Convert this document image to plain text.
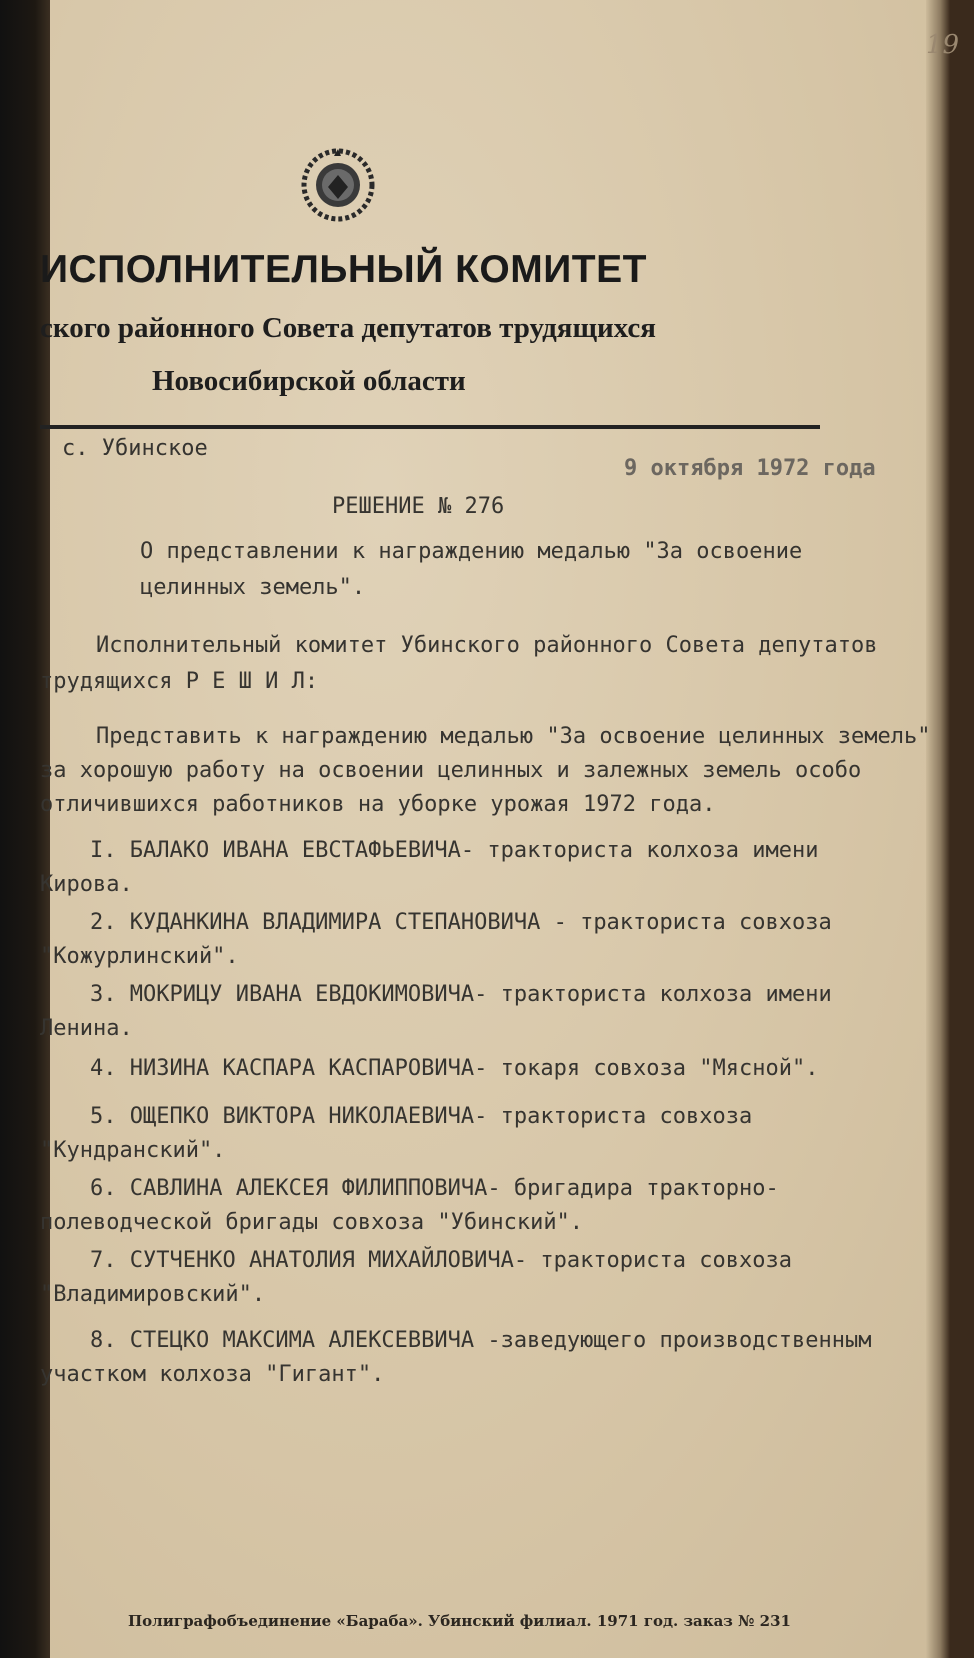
19
ИСПОЛНИТЕЛЬНЫЙ КОМИТЕТ
ского районного Совета депутатов трудящихся
Новосибирской области
с. Убинское
9 октября 1972 года
РЕШЕНИЕ № 276
О представлении к награждению медалью "За освоение целинных земель".
Исполнительный комитет Убинского районного Совета депутатов трудящихся Р Е Ш И Л:
Представить к награждению медалью "За освоение целинных земель" за хорошую работу на освоении целинных и залежных земель особо отличившихся работников на уборке урожая 1972 года.
I. БАЛАКО ИВАНА ЕВСТАФЬЕВИЧА- тракториста колхоза имени Кирова.
2. КУДАНКИНА ВЛАДИМИРА СТЕПАНОВИЧА - тракториста совхоза "Кожурлинский".
3. МОКРИЦУ ИВАНА ЕВДОКИМОВИЧА- тракториста колхоза имени Ленина.
4. НИЗИНА КАСПАРА КАСПАРОВИЧА- токаря совхоза "Мясной".
5. ОЩЕПКО ВИКТОРА НИКОЛАЕВИЧА- тракториста совхоза "Кундранский".
6. САВЛИНА АЛЕКСЕЯ ФИЛИППОВИЧА- бригадира тракторно-полеводческой бригады совхоза "Убинский".
7. СУТЧЕНКО АНАТОЛИЯ МИХАЙЛОВИЧА- тракториста совхоза "Владимировский".
8. СТЕЦКО МАКСИМА АЛЕКСЕВВИЧА -заведующего производственным участком колхоза "Гигант".
Полиграфобъединение «Бараба». Убинский филиал. 1971 год. заказ № 231
